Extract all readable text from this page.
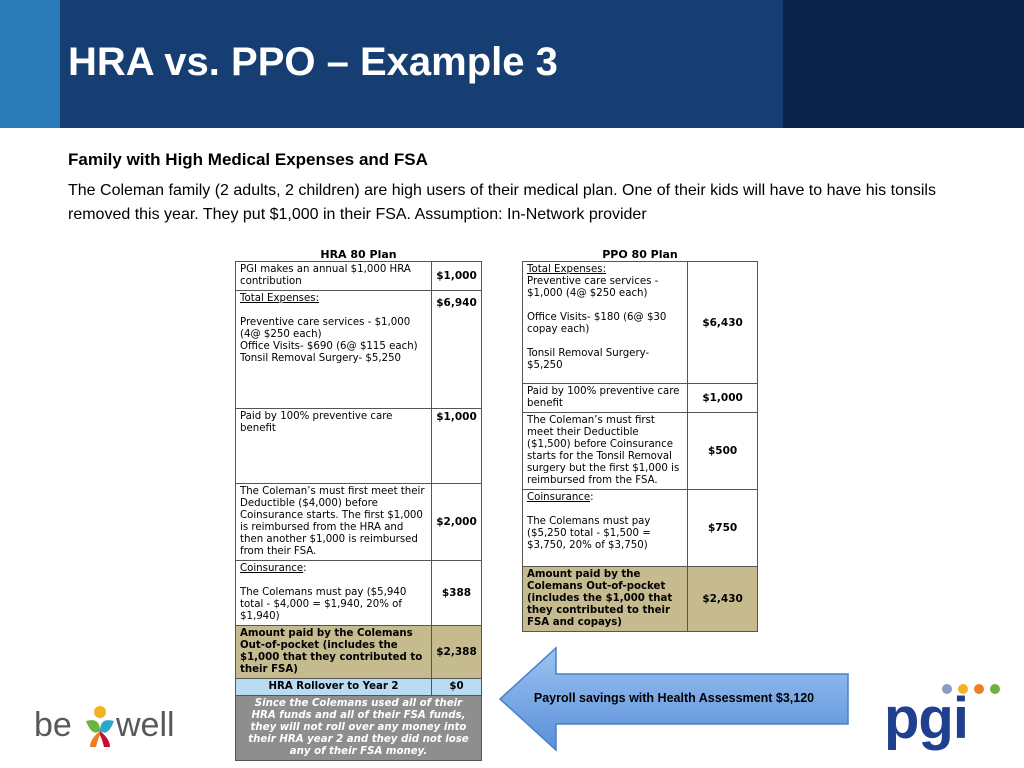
HRA vs. PPO – Example 3
Family with High Medical Expenses and FSA
The Coleman family (2 adults, 2 children) are high users of their medical plan. One of their kids will have to have his tonsils removed this year. They put $1,000 in their FSA. Assumption: In-Network provider
HRA 80 Plan
PGI makes an annual $1,000 HRA contribution	$1,000
Total Expenses:
Preventive care services - $1,000 (4@ $250 each)
Office Visits- $690 (6@ $115 each)
Tonsil Removal Surgery- $5,250	$6,940
Paid by 100% preventive care benefit	$1,000
The Coleman’s must first meet their Deductible ($4,000) before Coinsurance starts. The first $1,000 is reimbursed from the HRA and then another $1,000 is reimbursed from their FSA.	$2,000
Coinsurance:
The Colemans must pay ($5,940 total - $4,000 = $1,940, 20% of $1,940)	$388
Amount paid by the Colemans Out-of-pocket (includes the $1,000 that they contributed to their FSA)	$2,388
HRA Rollover to Year 2	$0
Since the Colemans used all of their HRA funds and all of their FSA funds, they will not roll over any money into their HRA year 2 and they did not lose any of their FSA money.	
PPO 80 Plan
Total Expenses:
Preventive care services - $1,000 (4@ $250 each)
Office Visits- $180 (6@ $30 copay each)
Tonsil Removal Surgery- $5,250	$6,430
Paid by 100% preventive care benefit	$1,000
The Coleman’s must first meet their Deductible ($1,500) before Coinsurance starts for the Tonsil Removal surgery but the first $1,000 is reimbursed from the FSA.	$500
Coinsurance:
The Colemans must pay ($5,250 total - $1,500 = $3,750, 20% of $3,750)	$750
Amount paid by the Colemans Out-of-pocket (includes the $1,000 that they contributed to their FSA and copays)	$2,430
Payroll savings with Health Assessment $3,120
be well	pgi
